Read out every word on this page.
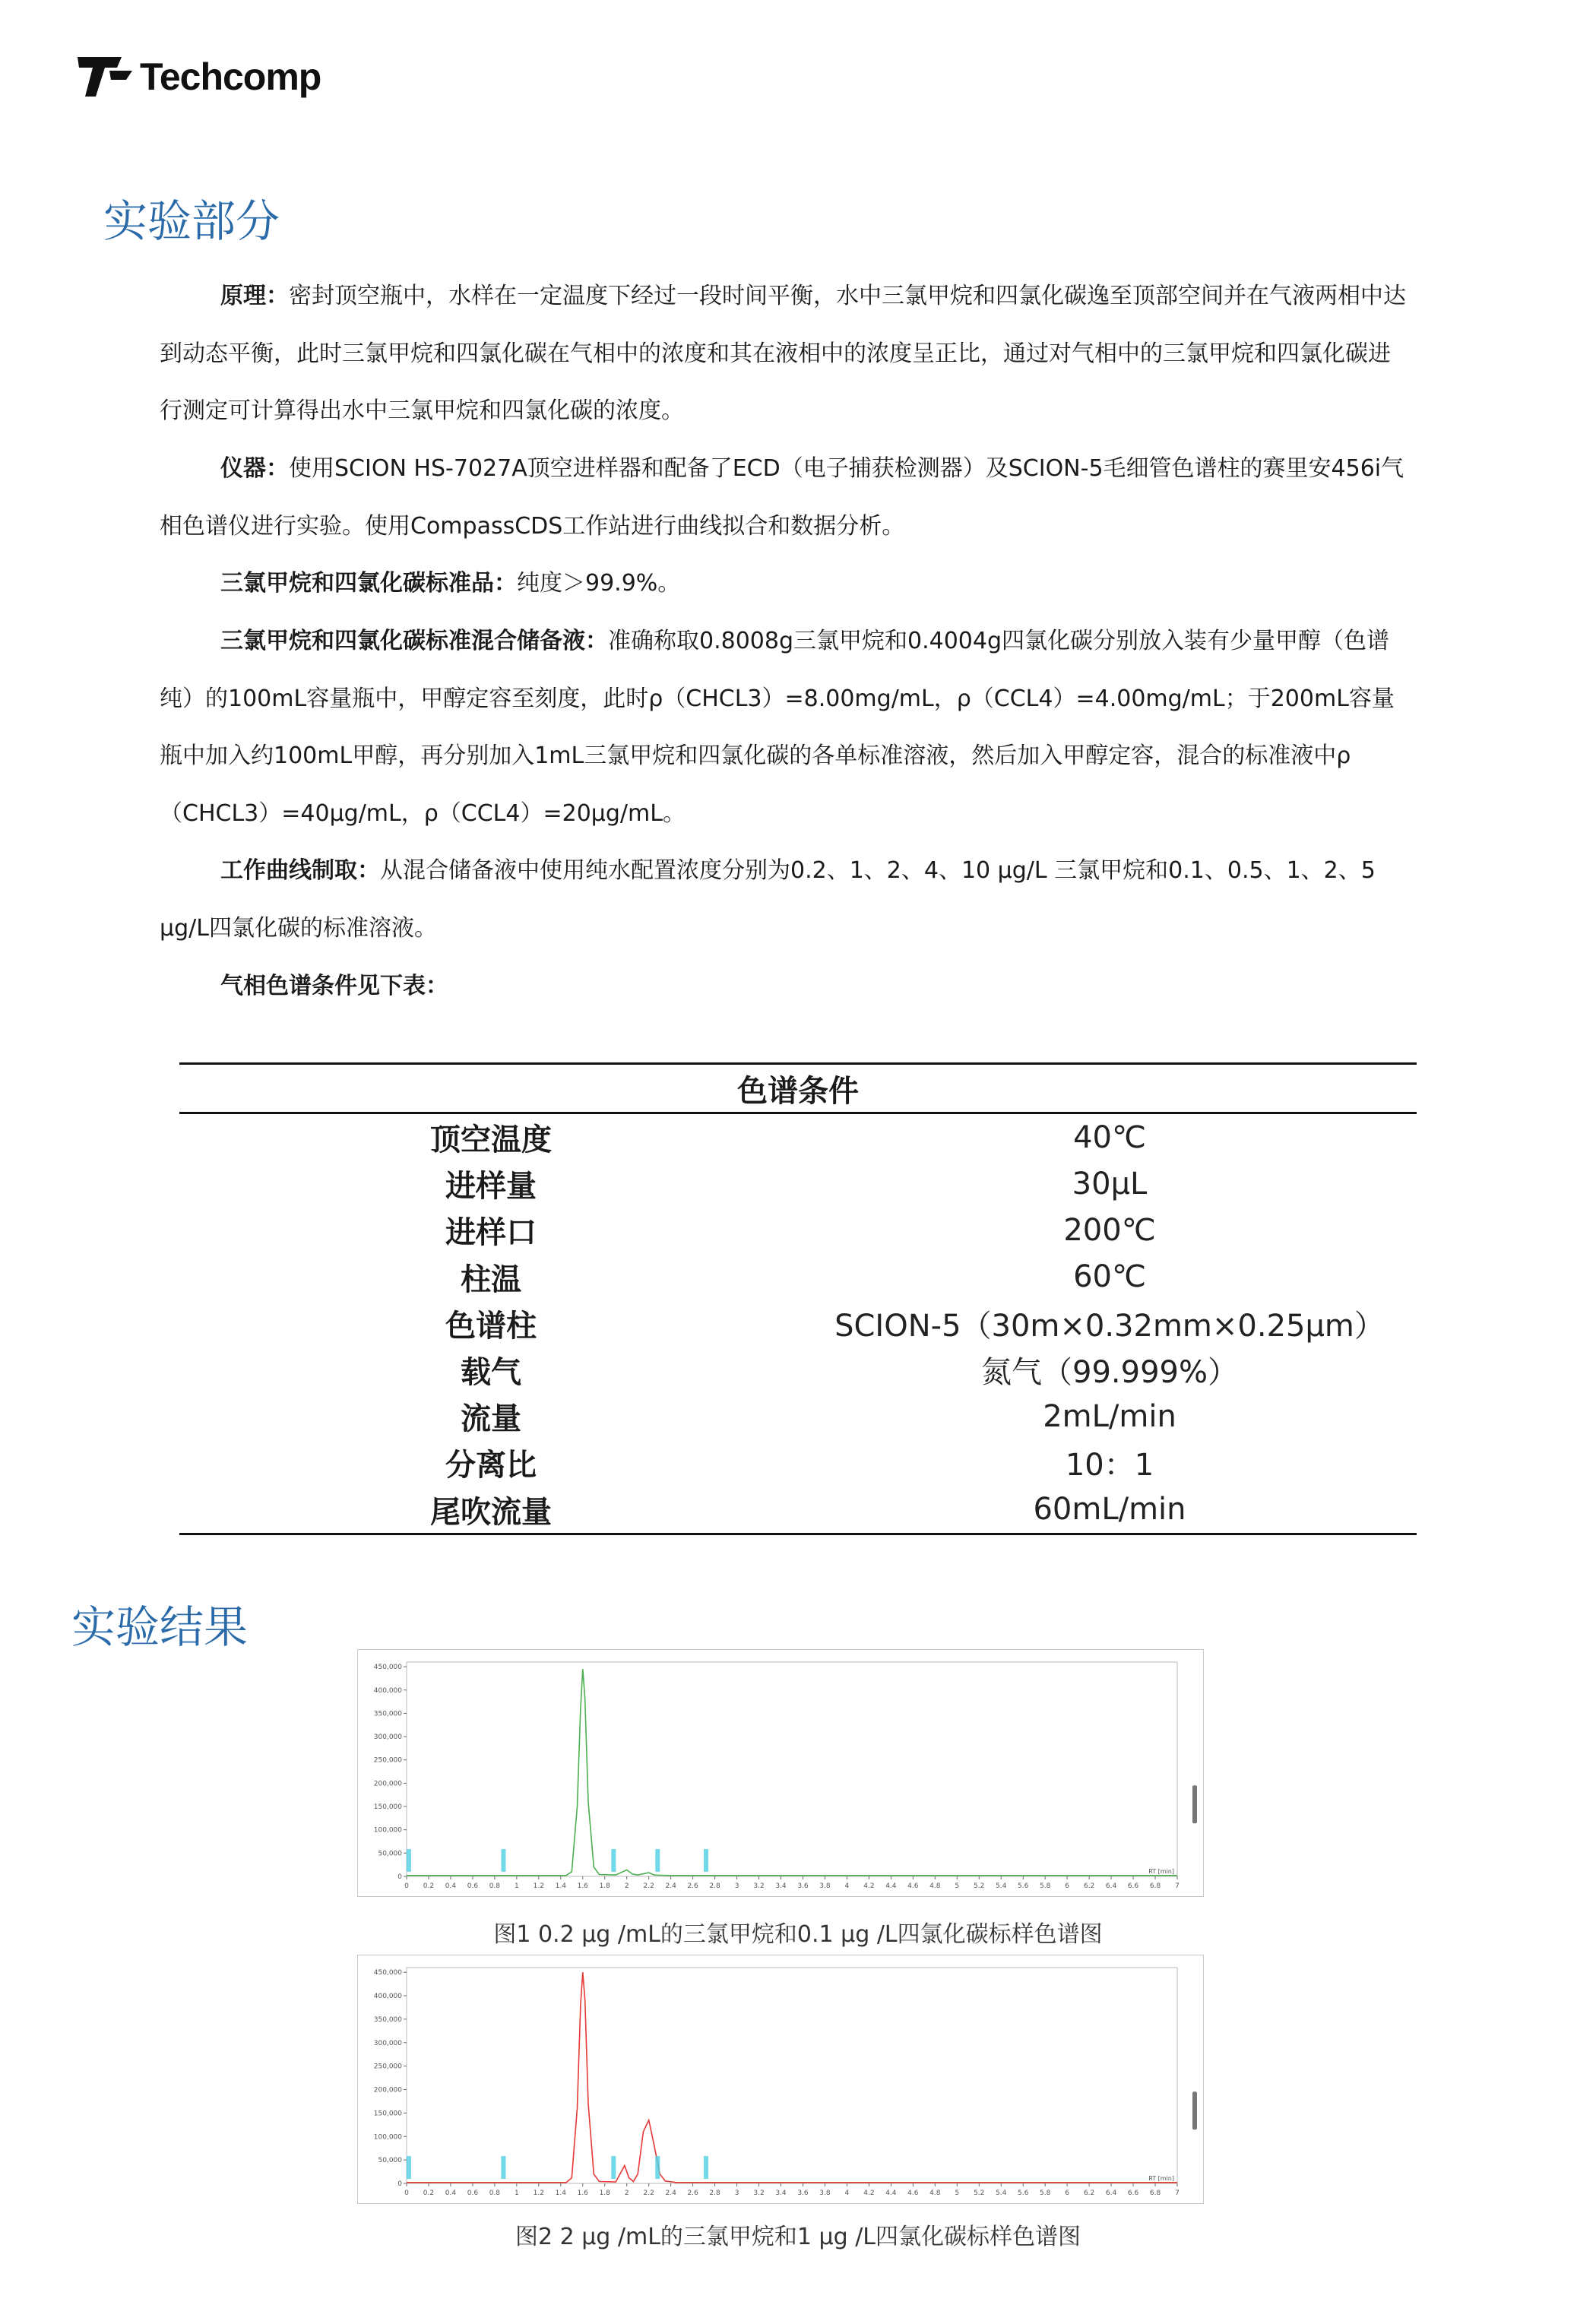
Techcomp
实验部分
原理：密封顶空瓶中，水样在一定温度下经过一段时间平衡，水中三氯甲烷和四氯化碳逸至顶部空间并在气液两相中达到动态平衡，此时三氯甲烷和四氯化碳在气相中的浓度和其在液相中的浓度呈正比，通过对气相中的三氯甲烷和四氯化碳进行测定可计算得出水中三氯甲烷和四氯化碳的浓度。
仪器：使用SCION HS-7027A顶空进样器和配备了ECD（电子捕获检测器）及SCION-5毛细管色谱柱的赛里安456i气相色谱仪进行实验。使用CompassCDS工作站进行曲线拟合和数据分析。
三氯甲烷和四氯化碳标准品：纯度＞99.9%。
三氯甲烷和四氯化碳标准混合储备液：准确称取0.8008g三氯甲烷和0.4004g四氯化碳分别放入装有少量甲醇（色谱纯）的100mL容量瓶中，甲醇定容至刻度，此时ρ（CHCL3）=8.00mg/mL，ρ（CCL4）=4.00mg/mL；于200mL容量瓶中加入约100mL甲醇，再分别加入1mL三氯甲烷和四氯化碳的各单标准溶液，然后加入甲醇定容，混合的标准液中ρ（CHCL3）=40μg/mL，ρ（CCL4）=20μg/mL。
工作曲线制取：从混合储备液中使用纯水配置浓度分别为0.2、1、2、4、10 μg/L 三氯甲烷和0.1、0.5、1、2、5 μg/L四氯化碳的标准溶液。
气相色谱条件见下表：
色谱条件	
顶空温度	40℃
进样量	30μL
进样口	200℃
柱温	60℃
色谱柱	SCION-5（30m×0.32mm×0.25μm）
载气	氮气（99.999%）
流量	2mL/min
分离比	10：1
尾吹流量	60mL/min
实验结果
0
50,000
100,000
150,000
200,000
250,000
300,000
350,000
400,000
450,000
0 0.2 0.4 0.6 0.8 1 1.2 1.4 1.6 1.8 2 2.2 2.4 2.6 2.8 3 3.2 3.4 3.6 3.8 4 4.2 4.4 4.6 4.8 5 5.2 5.4 5.6 5.8 6 6.2 6.4 6.6 6.8 7
RT [min]
图1 0.2 μg /mL的三氯甲烷和0.1 μg /L四氯化碳标样色谱图
0
50,000
100,000
150,000
200,000
250,000
300,000
350,000
400,000
450,000
0 0.2 0.4 0.6 0.8 1 1.2 1.4 1.6 1.8 2 2.2 2.4 2.6 2.8 3 3.2 3.4 3.6 3.8 4 4.2 4.4 4.6 4.8 5 5.2 5.4 5.6 5.8 6 6.2 6.4 6.6 6.8 7
RT [min]
图2 2 μg /mL的三氯甲烷和1 μg /L四氯化碳标样色谱图
